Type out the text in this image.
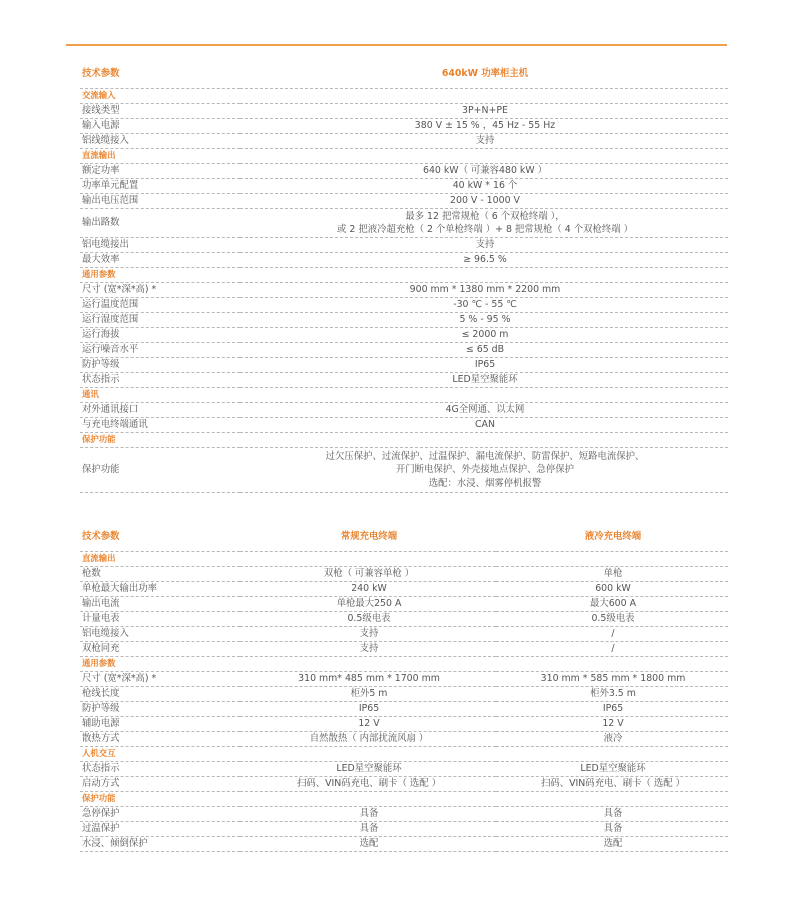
技术参数	640kW 功率柜主机
交流输入	
接线类型	3P+N+PE

输入电源	380 V ± 15 % ，45 Hz - 55 Hz

铝线缆接入	支持

直流输出	
额定功率	640 kW（ 可兼容480 kW ）

功率单元配置	40 kW * 16 个

输出电压范围	200 V - 1000 V

输出路数	最多 12 把常规枪（ 6 个双枪终端 ），
或 2 把液冷超充枪（ 2 个单枪终端 ）+ 8 把常规枪（ 4 个双枪终端 ）

铝电缆接出	支持

最大效率	≥ 96.5 %

通用参数	
尺寸 (宽*深*高) *	900 mm * 1380 mm * 2200 mm

运行温度范围	-30 ℃ - 55 ℃

运行湿度范围	5 % - 95 %

运行海拔	≤ 2000 m

运行噪音水平	≤ 65 dB

防护等级	IP65

状态指示	LED星空聚能环

通讯	
对外通讯接口	4G全网通、以太网

与充电终端通讯	CAN

保护功能	
保护功能	过欠压保护、过流保护、过温保护、漏电流保护、防雷保护、短路电流保护、
开门断电保护、外壳接地点保护、急停保护
选配：水浸、烟雾停机报警
技术参数	常规充电终端	液冷充电终端
直流输出		
枪数	双枪（ 可兼容单枪 ）	单枪
单枪最大输出功率	240 kW	600 kW
输出电流	单枪最大250 A	最大600 A
计量电表	0.5级电表	0.5级电表
铝电缆接入	支持	/
双枪同充	支持	/
通用参数		
尺寸 (宽*深*高) *	310 mm* 485 mm * 1700 mm	310 mm * 585 mm * 1800 mm
枪线长度	柜外5 m	柜外3.5 m
防护等级	IP65	IP65
辅助电源	12 V	12 V
散热方式	自然散热（ 内部扰流风扇 ）	液冷
人机交互		
状态指示	LED星空聚能环	LED星空聚能环
启动方式	扫码、VIN码充电、刷卡（ 选配 ）	扫码、VIN码充电、刷卡（ 选配 ）
保护功能		
急停保护	具备	具备
过温保护	具备	具备
水浸、倾倒保护	选配	选配
